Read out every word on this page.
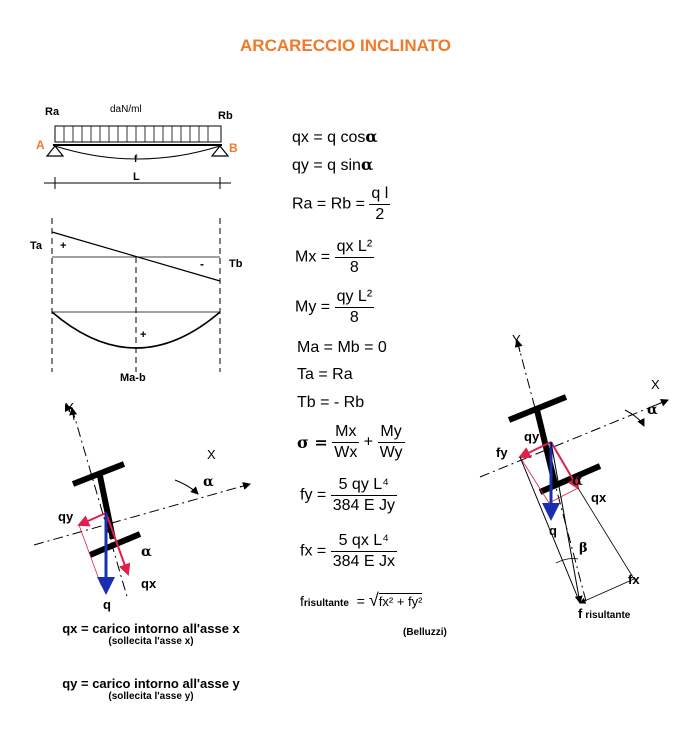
ARCARECCIO INCLINATO
Ra	daN/ml
Rb
f
A	B
L
Ta
Tb
+
-
+
Ma-b
Y
X
α
qy
qx
q
α
Y
X
α
fy
qy
qx
α
q
β
fx
f risultante
qx = q cosα
qy = q sinα
$Ra = Rb = \frac{\text{q l}}{2}$
$Mx = \frac{\text{qx L²}}{8}$
$My = \frac{\text{qy L²}}{8}$
Ma = Mb = 0
Ta = Ra
Tb = - Rb
$\sigma = \frac{Mx}{Wx} + \frac{My}{Wy}$
fy = $\frac{\text{5 qy L⁴}}{\text{384 E Jy}}$
fx = $\frac{\text{5 qx L⁴}}{\text{384 E Jx}}$
frisultante = √fx² + fy²
(Belluzzi)
qx = carico intorno all'asse x
(sollecita l'asse x)
qy = carico intorno all'asse y
(sollecita l'asse y)
